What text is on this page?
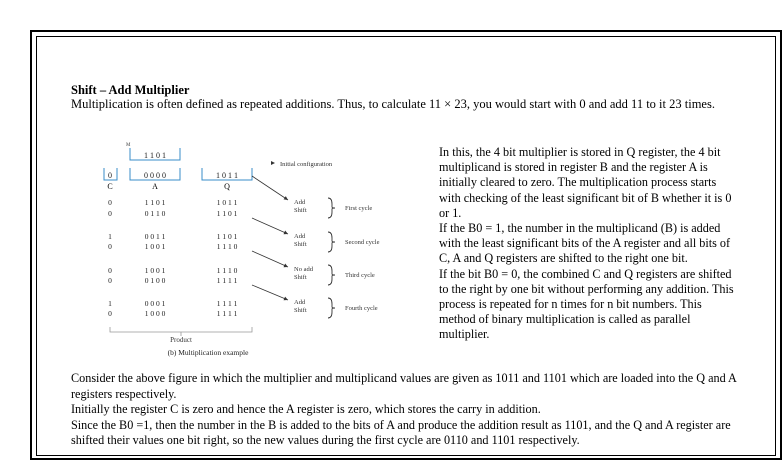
Shift – Add Multiplier
Multiplication is often defined as repeated additions. Thus, to calculate 11 × 23, you would start with 0 and add 11 to it 23 times.
M
1 1 0 1
0	0 0 0 0	1 0 1 1
C	A	Q
Initial configuration
0	1 1 0 1	1 0 1 1
0	0 1 1 0	1 1 0 1
1	0 0 1 1	1 1 0 1
0	1 0 0 1	1 1 1 0
0	1 0 0 1	1 1 1 0
0	0 1 0 0	1 1 1 1
1	0 0 0 1	1 1 1 1
0	1 0 0 0	1 1 1 1
Add
Shift	First cycle
Add
Shift	Second cycle
No add
Shift	Third cycle
Add
Shift	Fourth cycle
Product
(b) Multiplication example

In this, the 4 bit multiplier is stored in Q register, the 4 bit multiplicand is stored in register B and the register A is initially cleared to zero. The multiplication process starts with checking of the least significant bit of B whether it is 0 or 1.

If the B0 = 1, the number in the multiplicand (B) is added with the least significant bits of the A register and all bits of C, A and Q registers are shifted to the right one bit.

If the bit B0 = 0, the combined C and Q registers are shifted to the right by one bit without performing any addition. This process is repeated for n times for n bit numbers. This method of binary multiplication is called as parallel multiplier.

Consider the above figure in which the multiplier and multiplicand values are given as 1011 and 1101 which are loaded into the Q and A registers respectively.

Initially the register C is zero and hence the A register is zero, which stores the carry in addition.

Since the B0 =1, then the number in the B is added to the bits of A and produce the addition result as 1101, and the Q and A register are shifted their values one bit right, so the new values during the first cycle are 0110 and 1101 respectively.
